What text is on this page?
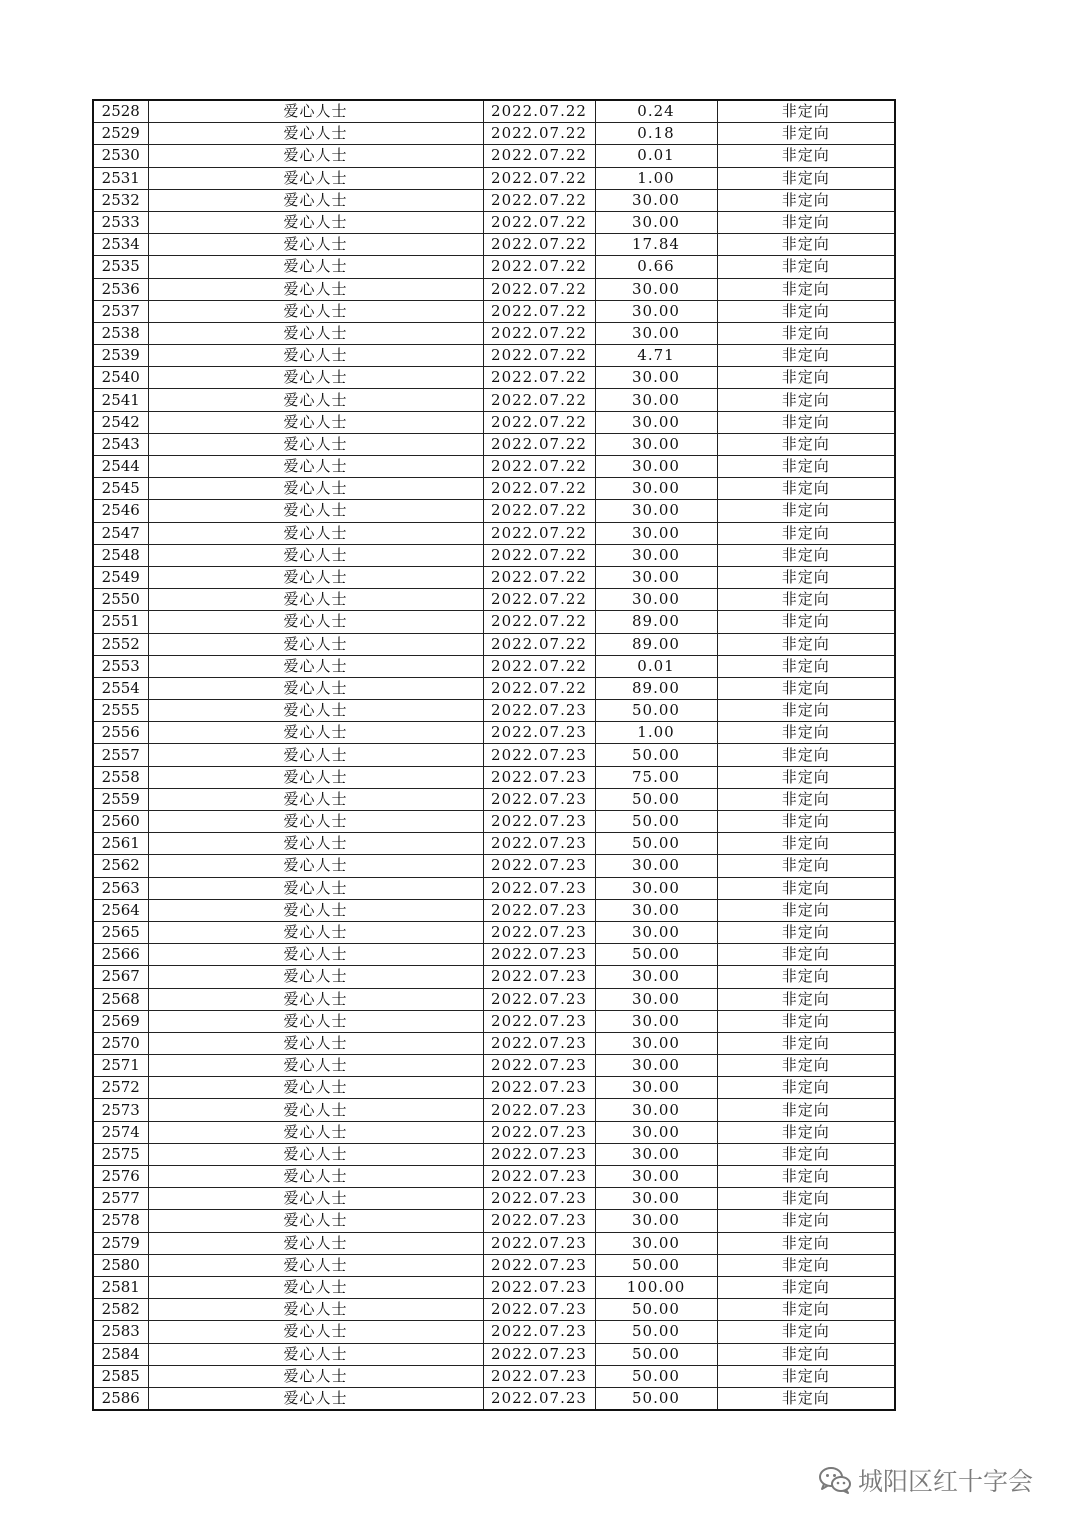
2528	爱心人士	2022.07.22	0.24	非定向
2529	爱心人士	2022.07.22	0.18	非定向
2530	爱心人士	2022.07.22	0.01	非定向
2531	爱心人士	2022.07.22	1.00	非定向
2532	爱心人士	2022.07.22	30.00	非定向
2533	爱心人士	2022.07.22	30.00	非定向
2534	爱心人士	2022.07.22	17.84	非定向
2535	爱心人士	2022.07.22	0.66	非定向
2536	爱心人士	2022.07.22	30.00	非定向
2537	爱心人士	2022.07.22	30.00	非定向
2538	爱心人士	2022.07.22	30.00	非定向
2539	爱心人士	2022.07.22	4.71	非定向
2540	爱心人士	2022.07.22	30.00	非定向
2541	爱心人士	2022.07.22	30.00	非定向
2542	爱心人士	2022.07.22	30.00	非定向
2543	爱心人士	2022.07.22	30.00	非定向
2544	爱心人士	2022.07.22	30.00	非定向
2545	爱心人士	2022.07.22	30.00	非定向
2546	爱心人士	2022.07.22	30.00	非定向
2547	爱心人士	2022.07.22	30.00	非定向
2548	爱心人士	2022.07.22	30.00	非定向
2549	爱心人士	2022.07.22	30.00	非定向
2550	爱心人士	2022.07.22	30.00	非定向
2551	爱心人士	2022.07.22	89.00	非定向
2552	爱心人士	2022.07.22	89.00	非定向
2553	爱心人士	2022.07.22	0.01	非定向
2554	爱心人士	2022.07.22	89.00	非定向
2555	爱心人士	2022.07.23	50.00	非定向
2556	爱心人士	2022.07.23	1.00	非定向
2557	爱心人士	2022.07.23	50.00	非定向
2558	爱心人士	2022.07.23	75.00	非定向
2559	爱心人士	2022.07.23	50.00	非定向
2560	爱心人士	2022.07.23	50.00	非定向
2561	爱心人士	2022.07.23	50.00	非定向
2562	爱心人士	2022.07.23	30.00	非定向
2563	爱心人士	2022.07.23	30.00	非定向
2564	爱心人士	2022.07.23	30.00	非定向
2565	爱心人士	2022.07.23	30.00	非定向
2566	爱心人士	2022.07.23	50.00	非定向
2567	爱心人士	2022.07.23	30.00	非定向
2568	爱心人士	2022.07.23	30.00	非定向
2569	爱心人士	2022.07.23	30.00	非定向
2570	爱心人士	2022.07.23	30.00	非定向
2571	爱心人士	2022.07.23	30.00	非定向
2572	爱心人士	2022.07.23	30.00	非定向
2573	爱心人士	2022.07.23	30.00	非定向
2574	爱心人士	2022.07.23	30.00	非定向
2575	爱心人士	2022.07.23	30.00	非定向
2576	爱心人士	2022.07.23	30.00	非定向
2577	爱心人士	2022.07.23	30.00	非定向
2578	爱心人士	2022.07.23	30.00	非定向
2579	爱心人士	2022.07.23	30.00	非定向
2580	爱心人士	2022.07.23	50.00	非定向
2581	爱心人士	2022.07.23	100.00	非定向
2582	爱心人士	2022.07.23	50.00	非定向
2583	爱心人士	2022.07.23	50.00	非定向
2584	爱心人士	2022.07.23	50.00	非定向
2585	爱心人士	2022.07.23	50.00	非定向
2586	爱心人士	2022.07.23	50.00	非定向
城阳区红十字会
